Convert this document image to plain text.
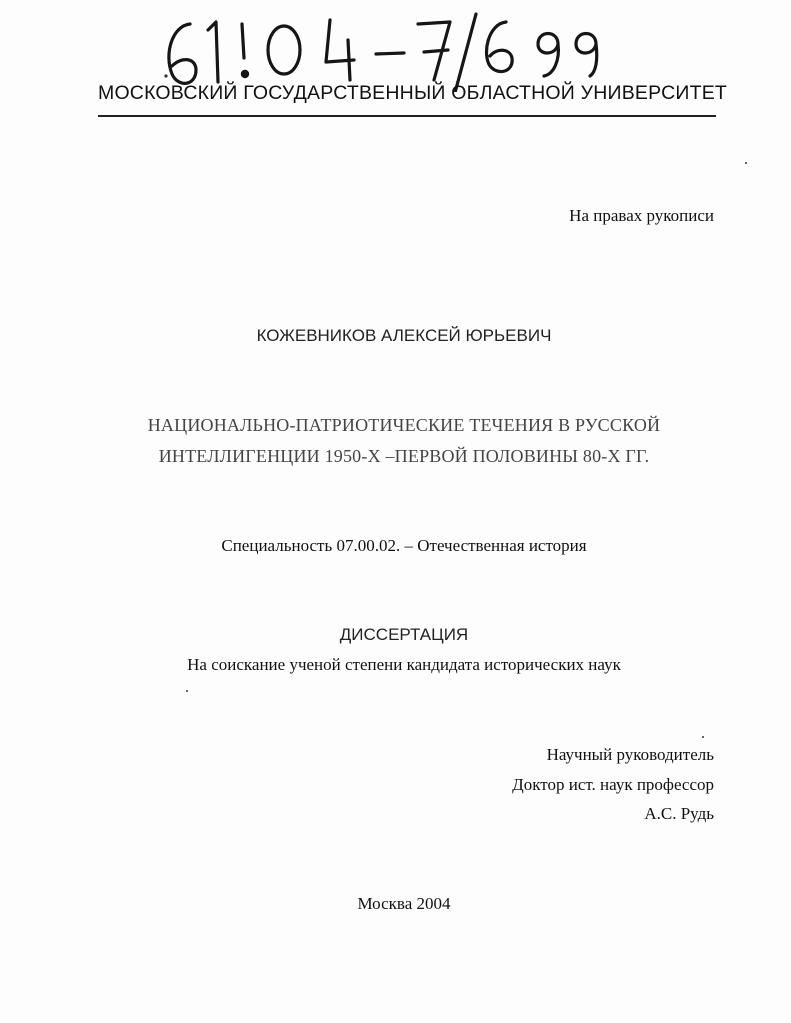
МОСКОВСКИЙ ГОСУДАРСТВЕННЫЙ ОБЛАСТНОЙ УНИВЕРСИТЕТ
На правах рукописи
КОЖЕВНИКОВ АЛЕКСЕЙ ЮРЬЕВИЧ
НАЦИОНАЛЬНО-ПАТРИОТИЧЕСКИЕ ТЕЧЕНИЯ В РУССКОЙ
ИНТЕЛЛИГЕНЦИИ 1950-Х –ПЕРВОЙ ПОЛОВИНЫ 80-Х ГГ.
Специальность 07.00.02. – Отечественная история
ДИССЕРТАЦИЯ
На соискание ученой степени кандидата исторических наук
Научный руководитель
Доктор ист. наук профессор
А.С. Рудь
Москва 2004
